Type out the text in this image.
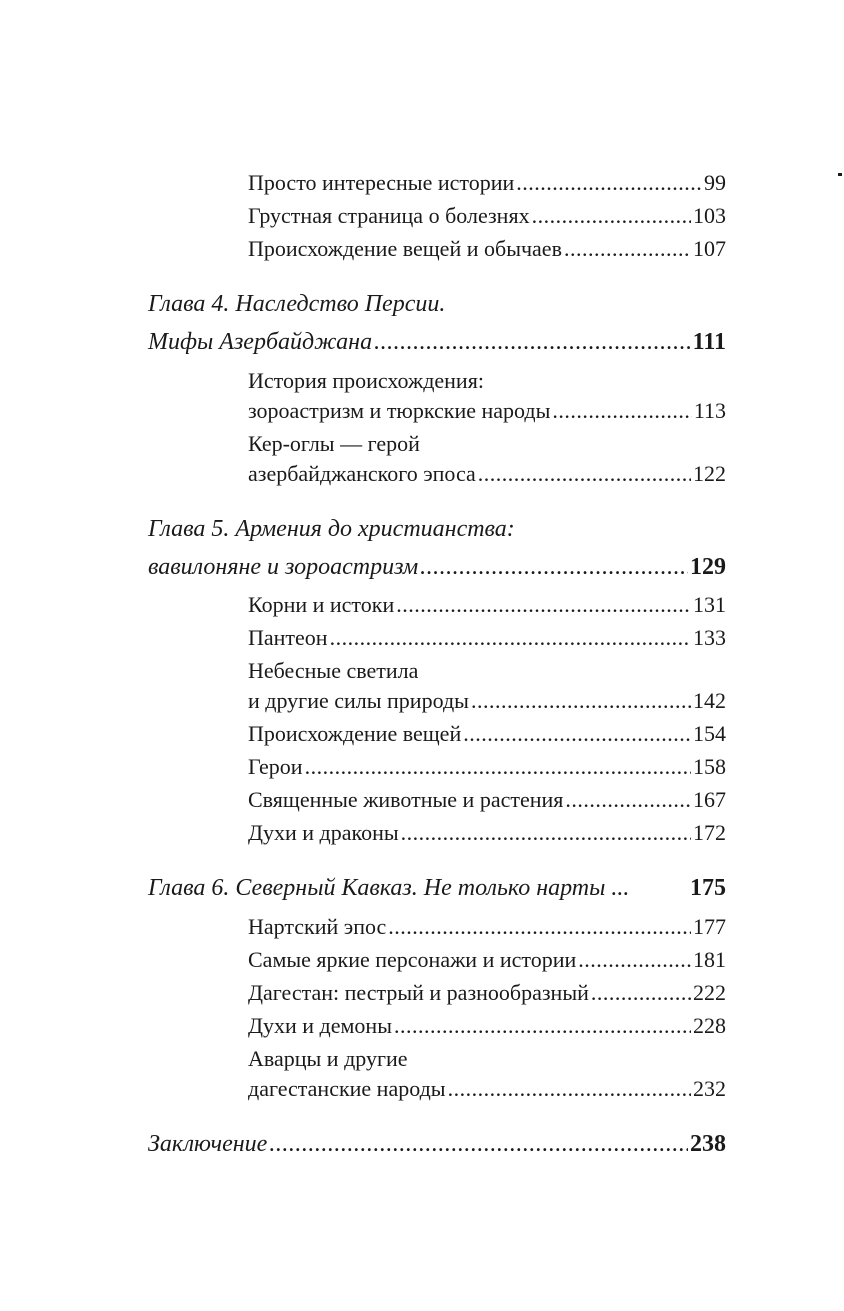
Просто интересные истории .....	99
Грустная страница о болезнях .....	103
Происхождение вещей и обычаев .....	107
Глава 4. Наследство Персии.
Мифы Азербайджана .....	111
История происхождения:
зороастризм и тюркские народы .....	113
Кер-оглы — герой
азербайджанского эпоса .....	122
Глава 5. Армения до христианства:
вавилоняне и зороастризм .....	129
Корни и истоки .....	131
Пантеон .....	133
Небесные светила
и другие силы природы .....	142
Происхождение вещей .....	154
Герои .....	158
Священные животные и растения .....	167
Духи и драконы .....	172
Глава 6. Северный Кавказ. Не только нарты ...	175
Нартский эпос .....	177
Самые яркие персонажи и истории .....	181
Дагестан: пестрый и разнообразный .....	222
Духи и демоны .....	228
Аварцы и другие
дагестанские народы .....	232
Заключение .....	238
